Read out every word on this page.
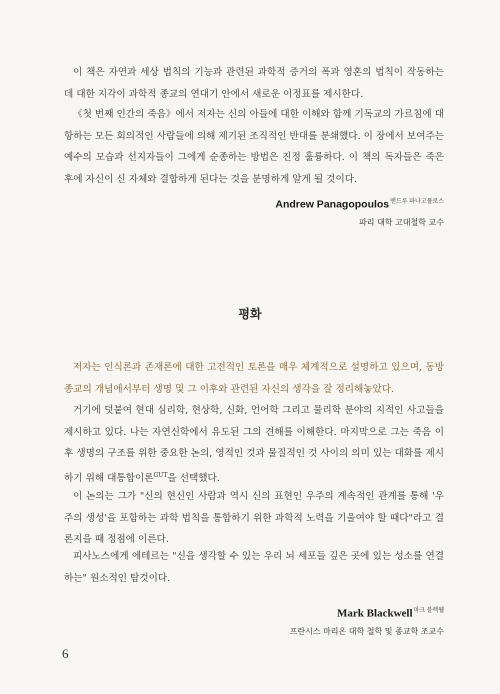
이 책은 자연과 세상 법칙의 기능과 관련된 과학적 증거의 폭과 영혼의 법칙이 작동하는 데 대한 지각이 과학적 종교의 연대기 안에서 새로운 이정표를 제시한다.

《첫 번째 인간의 죽음》에서 저자는 신의 아들에 대한 이해와 함께 기독교의 가르침에 대항하는 모든 회의적인 사람들에 의해 제기된 조직적인 반대를 분쇄했다. 이 장에서 보여주는 예수의 모습과 선지자들이 그에게 순종하는 방법은 진정 훌륭하다. 이 책의 독자들은 죽은 후에 자신이 신 자체와 결합하게 된다는 것을 분명하게 알게 될 것이다.

Andrew Panagopoulos$^{앤드루 파나고풀로스}$
파리 대학 고대철학 교수
평화

저자는 인식론과 존재론에 대한 고전적인 토론을 매우 체계적으로 설명하고 있으며, 동방 종교의 개념에서부터 생명 및 그 이후와 관련된 자신의 생각을 잘 정리해놓았다.

거기에 덧붙여 현대 심리학, 현상학, 신화, 언어학 그리고 물리학 분야의 지적인 사고들을 제시하고 있다. 나는 자연신학에서 유도된 그의 견해를 이해한다. 마지막으로 그는 죽음 이후 생명의 구조를 위한 중요한 논의, 영적인 것과 물질적인 것 사이의 의미 있는 대화를 제시하기 위해 대통합이론$^{GUT}$을 선택했다.

이 논의는 그가 "신의 현신인 사람과 역시 신의 표현인 우주의 계속적인 관계를 통해 '우주의 생성'을 포함하는 과학 법칙을 통합하기 위한 과학적 노력을 기울여야 할 때다"라고 결론지을 때 정점에 이른다.

피사노스에게 에테르는 "신을 생각할 수 있는 우리 뇌 세포들 깊은 곳에 있는 성소를 연결하는" 원소적인 탐것이다.

Mark Blackwell$^{마크 블랙웰}$
프란시스 마리온 대학 철학 및 종교학 조교수
6
